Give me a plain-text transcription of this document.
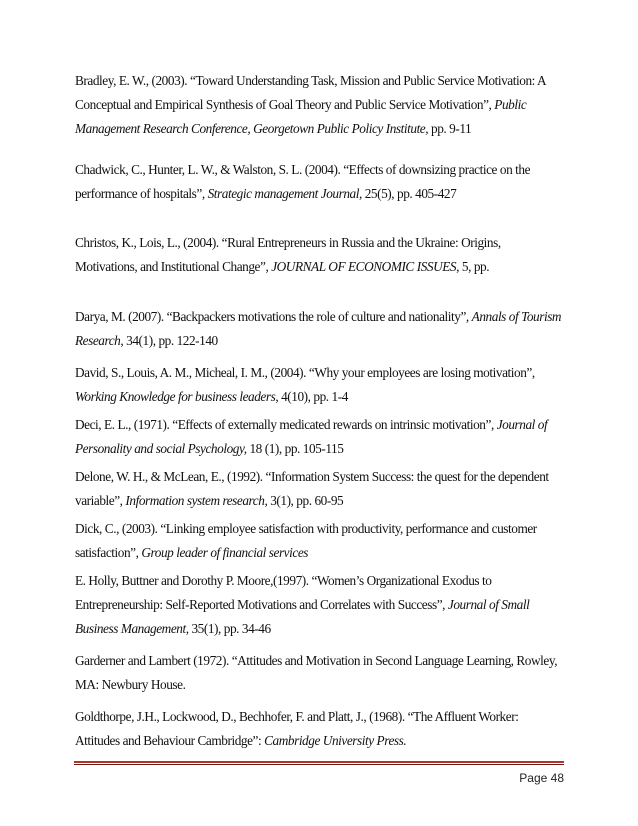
Bradley, E. W., (2003). “Toward Understanding Task, Mission and Public Service Motivation: A Conceptual and Empirical Synthesis of Goal Theory and Public Service Motivation”, Public Management Research Conference, Georgetown Public Policy Institute, pp. 9-11

Chadwick, C., Hunter, L. W., & Walston, S. L. (2004). “Effects of downsizing practice on the performance of hospitals”, Strategic management Journal, 25(5), pp. 405-427

Christos, K., Lois, L., (2004). “Rural Entrepreneurs in Russia and the Ukraine: Origins, Motivations, and Institutional Change”, JOURNAL OF ECONOMIC ISSUES, 5, pp.

Darya, M. (2007). “Backpackers motivations the role of culture and nationality”, Annals of Tourism Research, 34(1), pp. 122-140

David, S., Louis, A. M., Micheal, I. M., (2004). “Why your employees are losing motivation”, Working Knowledge for business leaders, 4(10), pp. 1-4

Deci, E. L., (1971). “Effects of externally medicated rewards on intrinsic motivation”, Journal of Personality and social Psychology, 18 (1), pp. 105-115

Delone, W. H., & McLean, E., (1992). “Information System Success: the quest for the dependent variable”, Information system research, 3(1), pp. 60-95

Dick, C., (2003). “Linking employee satisfaction with productivity, performance and customer satisfaction”, Group leader of financial services

E. Holly, Buttner and Dorothy P. Moore,(1997). “Women’s Organizational Exodus to Entrepreneurship: Self-Reported Motivations and Correlates with Success”, Journal of Small Business Management, 35(1), pp. 34-46

Garderner and Lambert (1972). “Attitudes and Motivation in Second Language Learning, Rowley, MA: Newbury House.

Goldthorpe, J.H., Lockwood, D., Bechhofer, F. and Platt, J., (1968). “The Affluent Worker: Attitudes and Behaviour Cambridge”: Cambridge University Press.

Page 48
